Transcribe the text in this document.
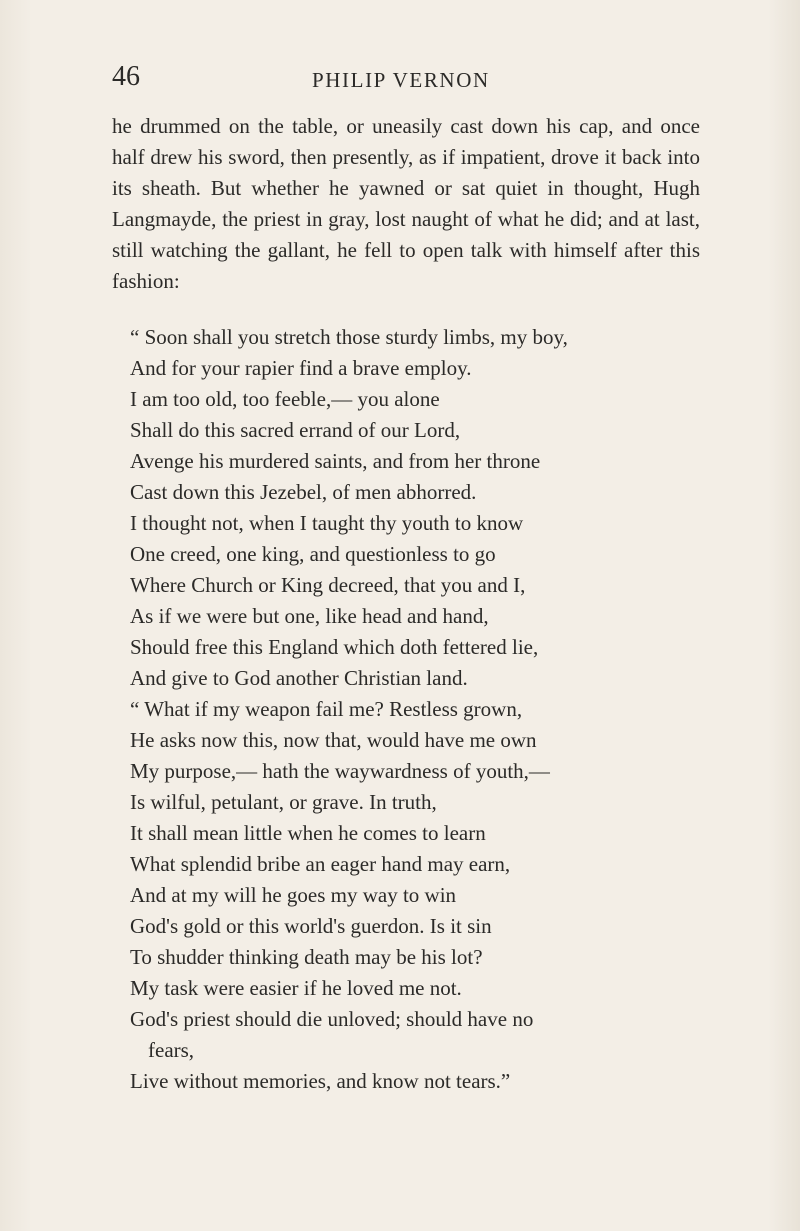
46	PHILIP VERNON

he drummed on the table, or uneasily cast down his cap, and once half drew his sword, then presently, as if impatient, drove it back into its sheath. But whether he yawned or sat quiet in thought, Hugh Langmayde, the priest in gray, lost naught of what he did; and at last, still watching the gallant, he fell to open talk with himself after this fashion:

“ Soon shall you stretch those sturdy limbs, my boy,
And for your rapier find a brave employ.
I am too old, too feeble,— you alone
Shall do this sacred errand of our Lord,
Avenge his murdered saints, and from her throne
Cast down this Jezebel, of men abhorred.
I thought not, when I taught thy youth to know
One creed, one king, and questionless to go
Where Church or King decreed, that you and I,
As if we were but one, like head and hand,
Should free this England which doth fettered lie,
And give to God another Christian land.
“ What if my weapon fail me? Restless grown,
He asks now this, now that, would have me own
My purpose,— hath the waywardness of youth,—
Is wilful, petulant, or grave. In truth,
It shall mean little when he comes to learn
What splendid bribe an eager hand may earn,
And at my will he goes my way to win
God's gold or this world's guerdon. Is it sin
To shudder thinking death may be his lot?
My task were easier if he loved me not.
God's priest should die unloved; should have no
fears,
Live without memories, and know not tears.”
